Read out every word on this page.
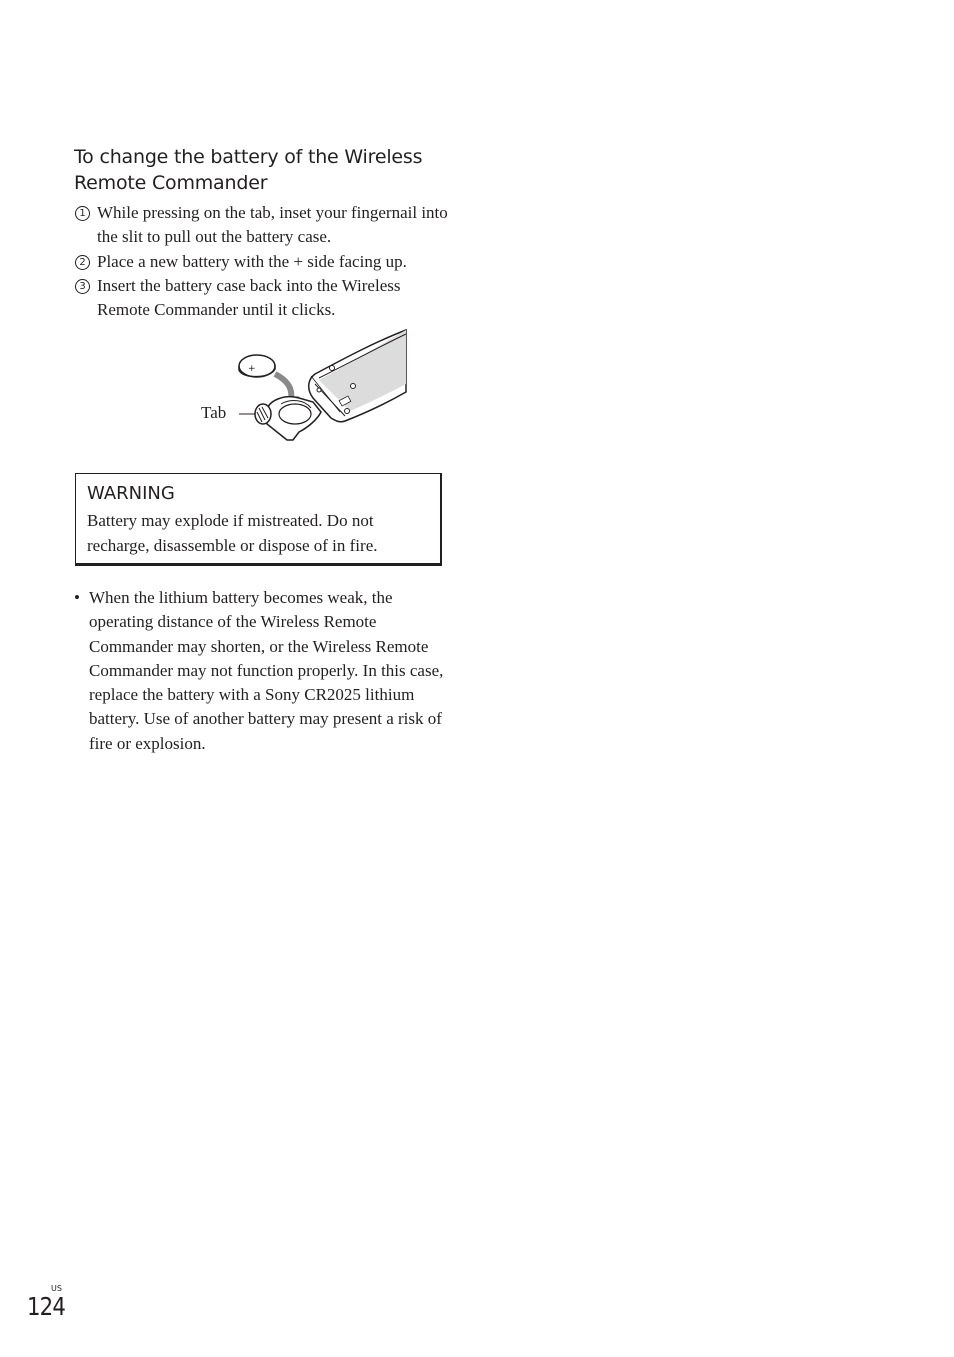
To change the battery of the Wireless Remote Commander
1 While pressing on the tab, inset your fingernail into the slit to pull out the battery case.
2 Place a new battery with the + side facing up.
3 Insert the battery case back into the Wireless Remote Commander until it clicks.
Tab
+
WARNING

Battery may explode if mistreated. Do not recharge, disassemble or dispose of in fire.

• When the lithium battery becomes weak, the operating distance of the Wireless Remote Commander may shorten, or the Wireless Remote Commander may not function properly. In this case, replace the battery with a Sony CR2025 lithium battery. Use of another battery may present a risk of fire or explosion.
US
124
